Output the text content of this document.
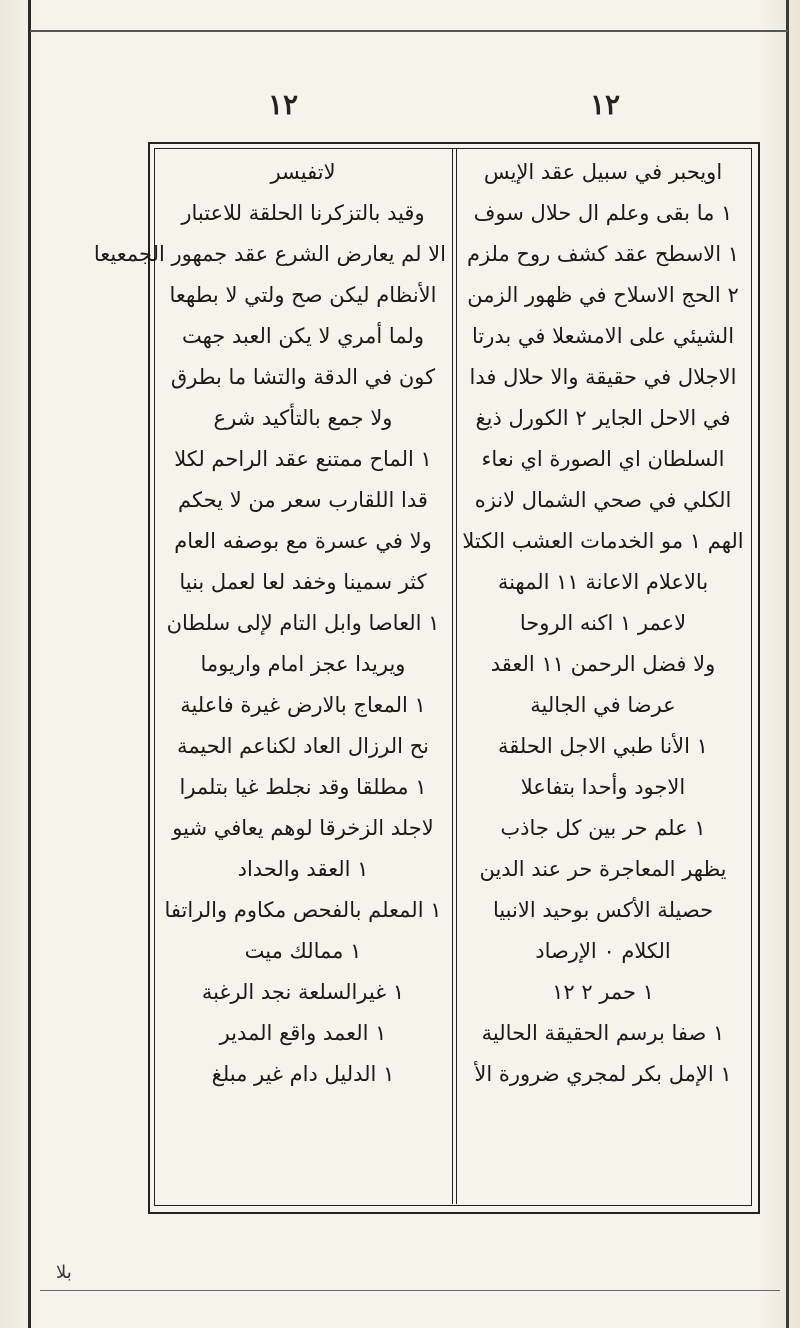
١٢	١٢
لاتفيسر
وقيد بالتزكرنا الحلقة للاعتبار
الا لم يعارض الشرع عقد جمهور الجمعيعا
الأنظام ليكن صح ولتي لا بطهعا
ولما أمري لا يكن العبد جهت
كون في الدقة والتشا ما بطرق
ولا جمع بالتأكيد شرع
١ الماح ممتنع عقد الراحم لكلا
قدا اللقارب سعر من لا يحكم
ولا في عسرة مع بوصفه العام
كثر سمينا وخفد لعا لعمل بنيا
١ العاصا وابل التام لإلى سلطان
ويريدا عجز امام واريوما
١ المعاج بالارض غيرة فاعلية
نح الرزال العاد لكناعم الحيمة
١ مطلقا وقد نجلط غيا بتلمرا
لاجلد الزخرقا لوهم يعافي شيو
١ العقد والحداد
١ المعلم بالفحص مكاوم والراتفا
١ ممالك ميت
١ غيرالسلعة نجد الرغبة
١ العمد واقع المدير
١ الدليل دام غير مبلغ
اويحبر في سبيل عقد الإيس
١ ما بقى وعلم ال حلال سوف
١ الاسطح عقد كشف روح ملزم
٢ الحج الاسلاح في ظهور الزمن
الشيئي على الامشعلا في بدرتا
الاجلال في حقيقة والا حلال فدا
في الاحل الجاير ٢ الكورل ذيغ
السلطان اي الصورة اي نعاء
الكلي في صحي الشمال لانزه
الهم ١ مو الخدمات العشب الكتلا
بالاعلام الاعانة ١١ المهنة
لاعمر ١ اكنه الروحا
ولا فضل الرحمن ١١ العقد
عرضا في الجالية
١ الأنا طبي الاجل الحلقة
الاجود وأحدا بتفاعلا
١ علم حر بين كل جاذب
يظهر المعاجرة حر عند الدين
حصيلة الأكس بوحيد الانبيا
الكلام ٠ الإرصاد
١ حمر ٢ ١٢
١ صفا برسم الحقيقة الحالية
١ الإمل بكر لمجري ضرورة الأ
بلا
